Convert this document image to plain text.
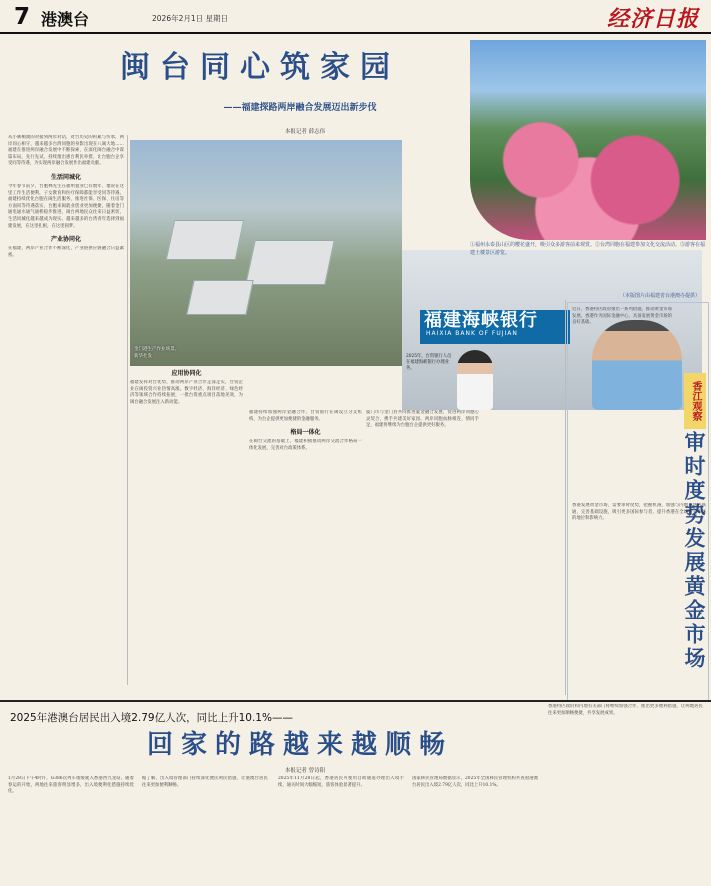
7 港澳台	2026年2月1日 星期日	经济日报
闽台同心筑家园
——福建探路两岸融合发展迈出新步伐
本报记者 薛志伟
从小刺桐渡的对接到两岸对话，对台历史的积累与传承，两岸同心相守，越来越多台湾同胞的身影出现在八闽大地……福建在推进两岸融合发展中不断探索，在深化闽台融合中谋篇布局，先行先试，持续推出惠台利民举措，让台胞台企享受同等待遇，为实现两岸融合发展作出福建贡献。
生活同城化
今年春节前夕，台胞林先生在福州置业已有数年，他说在这里工作生活便利，子女教育和医疗保障都能享受同等待遇。福建持续优化台胞在闽生活服务，推进社保、医保、住房等方面同等待遇落实，台胞来闽就业创业更加便捷。随着金门通电通水通气通桥稳步推进，闽台两地民众往来日益密切，生活同城化越来越成为现实。越来越多的台湾青年选择到福建发展，在这里扎根，在这里圆梦。
产业协同化
在福建，两岸产业合作不断深化，产业链供应链融合日益紧密。
金门港生产作业场景。新华社发
应用协同化
福建发挥对台优势，推动两岸产业合作走深走实，台资企业在闽投资兴业热情高涨。数字经济、海洋经济、绿色经济等领域合作持续拓展，一批台资重点项目落地见效，为闽台融合发展注入新动能。
福建海峡银行
HAIXIA BANK OF FUJIAN
2025年，台资银行人员在福建海峡银行办理业务。
福建持续加强两岸金融合作，台资银行在闽设立分支机构，为台企提供更加便捷的金融服务。
格局一体化
在闽台交流的基础上，福建积极推动两岸交流合作格局一体化发展，完善对台政策体系。
厦门市与金门县共同推进厦金融合发展，促进两岸同胞心灵契合，携手共建美好家园。两岸同胞血脉相连、情同手足，福建将继续为台胞台企提供更好服务。
①福州永泰县山区的樱花盛开，吸引众多游客前来观赏。②台湾同胞在福建参加文化交流活动。③游客在福建土楼景区游览。
（本版图片由福建省台港澳办提供）
近日，香港特区政府推出一系列措施，推动黄金市场发展。香港作为国际金融中心，具备发展黄金市场的良好基础。
香江观察
审时度势发展黄金市场
香港发展黄金市场，需要审时度势，把握机遇，加强与内地市场的联通，完善基础设施，吸引更多国际参与者，提升香港在全球黄金市场的地位和影响力。
2025年港澳台居民出入境2.79亿人次，同比上升10.1%——
回家的路越来越顺畅
本报记者 曾诗阳
1月28日下午4时许，G386次列车缓缓驶入香港西九龙站。随着春运的开始，两地往来旅客明显增多，出入境便利化措施持续优化。
据了解，出入境管理部门持续深化便民利民措施，让港澳台居民往来更加便利顺畅。
2025年11月28日起，香港居民可使用自助通道办理出入境手续，通关时间大幅缩短，旅客体验显著提升。
国家移民管理局数据显示，2025年全国移民管理机构共查验港澳台居民出入境2.79亿人次，同比上升10.1%。
香港特区政府和内地有关部门将继续加强合作，推出更多便利措施，让两地居民往来更加顺畅便捷，共享发展成果。
